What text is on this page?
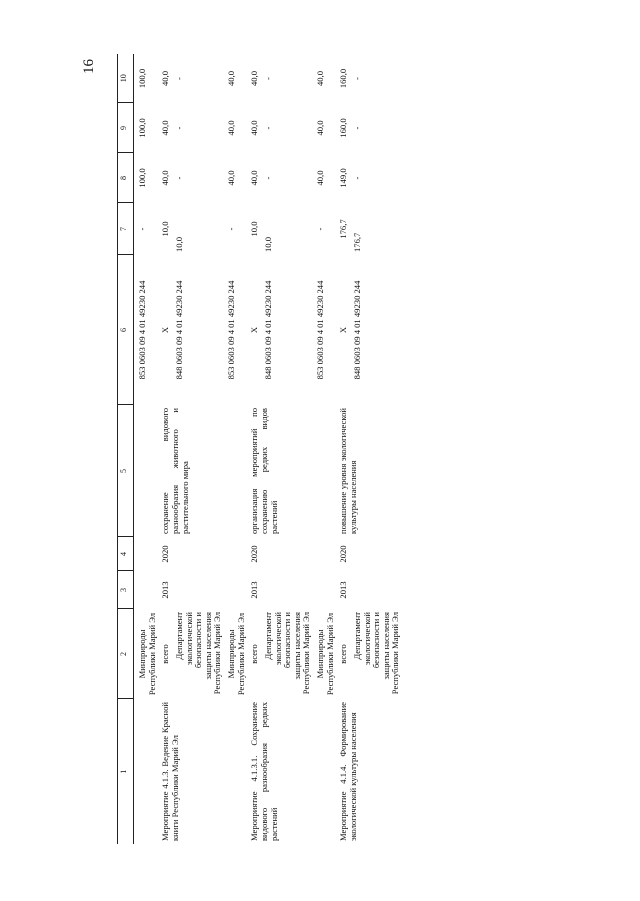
16
1	2	3	4	5	6	7	8	9	10
	Минприроды Республики Марий Эл				853 0603 09 4 01 49230 244	-	100,0	100,0	100,0
Мероприятие 4.1.3. Ведение Красной книги Республики Марий Эл	всего	2013	2020	сохранение видового разнообразия животного и растительного мира	Х	10,0	40,0	40,0	40,0
	Департамент экологической безопасности и защиты населения Республики Марий Эл				848 0603 09 4 01 49230 244	10,0	-	-	-
	Минприроды Республики Марий Эл				853 0603 09 4 01 49230 244	-	40,0	40,0	40,0
Мероприятие 4.1.3.1. Сохранение видового разнообразия редких растений	всего	2013	2020	организация мероприятий по сохранению редких видов растений	Х	10,0	40,0	40,0	40,0
	Департамент экологической безопасности и защиты населения Республики Марий Эл				848 0603 09 4 01 49230 244	10,0	-	-	-
	Минприроды Республики Марий Эл				853 0603 09 4 01 49230 244	-	40,0	40,0	40,0
Мероприятие 4.1.4. Формирование экологической культуры населения	всего	2013	2020	повышение уровня экологической культуры населения	Х	176,7	149,0	160,0	160,0
	Департамент экологической безопасности и защиты населения Республики Марий Эл				848 0603 09 4 01 49230 244	176,7	-	-	-
